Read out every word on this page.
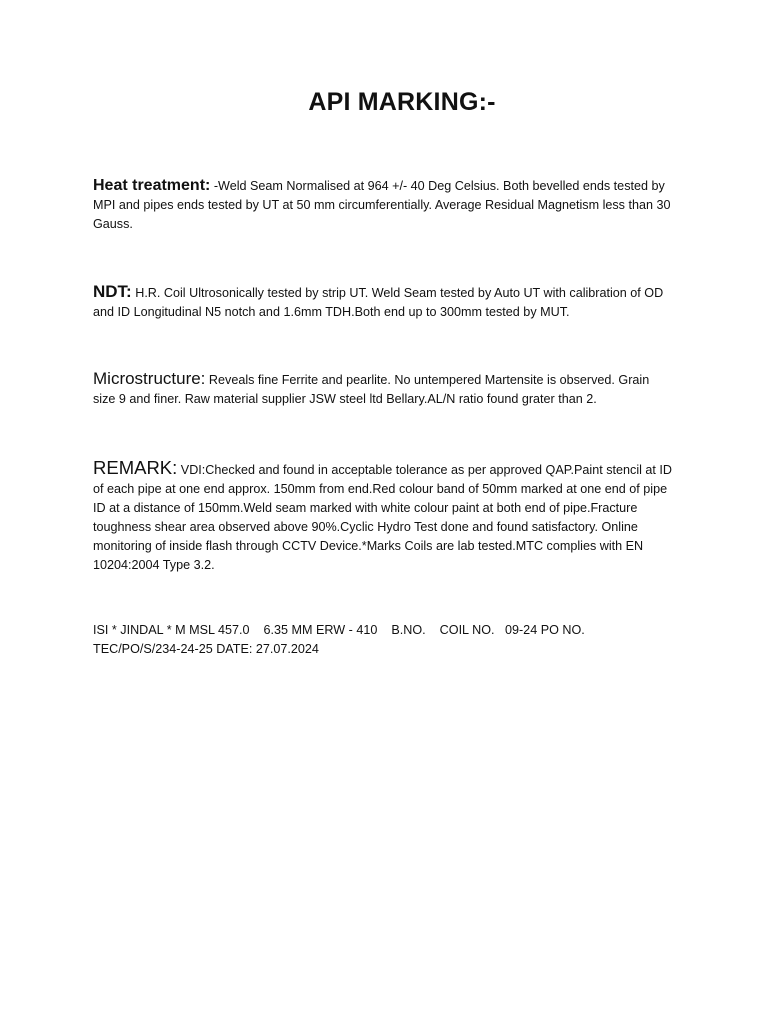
API MARKING:-

Heat treatment: -Weld Seam Normalised at 964 +/- 40 Deg Celsius. Both bevelled ends tested by MPI and pipes ends tested by UT at 50 mm circumferentially. Average Residual Magnetism less than 30 Gauss.

NDT: H.R. Coil Ultrosonically tested by strip UT. Weld Seam tested by Auto UT with calibration of OD and ID Longitudinal N5 notch and 1.6mm TDH.Both end up to 300mm tested by MUT.

Microstructure: Reveals fine Ferrite and pearlite. No untempered Martensite is observed. Grain size 9 and finer. Raw material supplier JSW steel ltd Bellary.AL/N ratio found grater than 2.

REMARK: VDI:Checked and found in acceptable tolerance as per approved QAP.Paint stencil at ID of each pipe at one end approx. 150mm from end.Red colour band of 50mm marked at one end of pipe ID at a distance of 150mm.Weld seam marked with white colour paint at both end of pipe.Fracture toughness shear area observed above 90%.Cyclic Hydro Test done and found satisfactory. Online monitoring of inside flash through CCTV Device.*Marks Coils are lab tested.MTC complies with EN 10204:2004 Type 3.2.

ISI * JINDAL * M MSL 457.0    6.35 MM ERW - 410    B.NO.    COIL NO.   09-24 PO NO. TEC/PO/S/234-24-25 DATE: 27.07.2024
